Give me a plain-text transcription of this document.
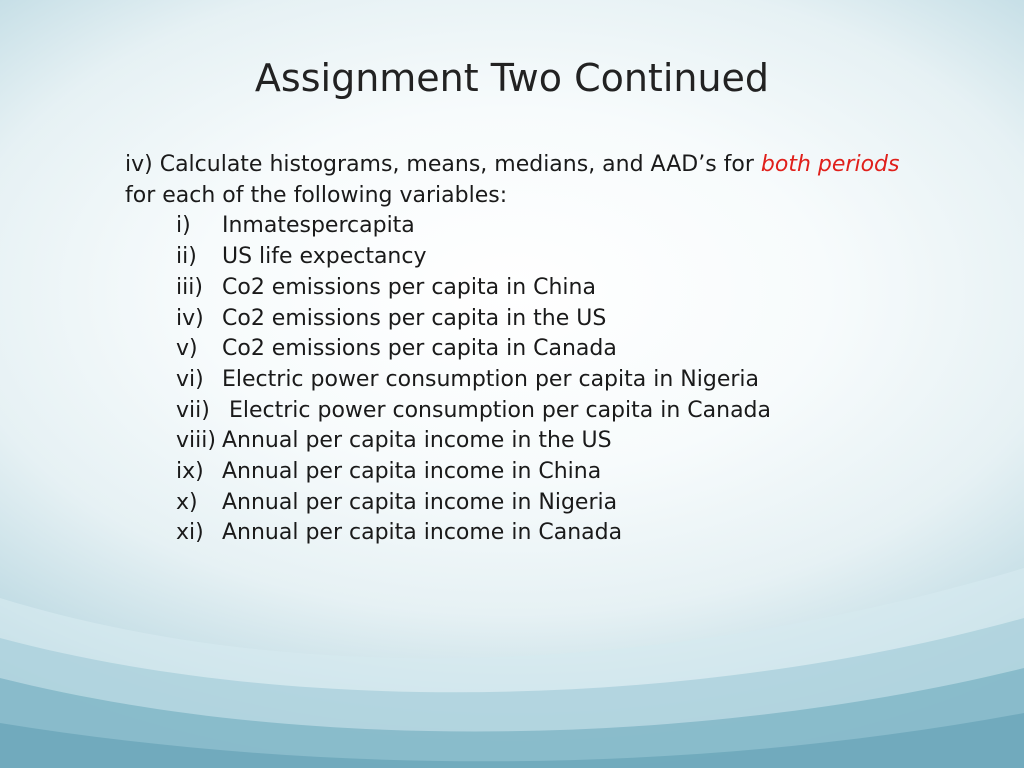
Assignment Two Continued
iv) Calculate histograms, means, medians, and AAD’s for both periods
for each of the following variables:
i)	Inmatespercapita
ii)	US life expectancy
iii) Co2 emissions per capita in China
iv) Co2 emissions per capita in the US
v)	Co2 emissions per capita in Canada
vi) Electric power consumption per capita in Nigeria
vii) Electric power consumption per capita in Canada
viii) Annual per capita income in the US
ix) Annual per capita income in China
x)	Annual per capita income in Nigeria
xi) Annual per capita income in Canada
